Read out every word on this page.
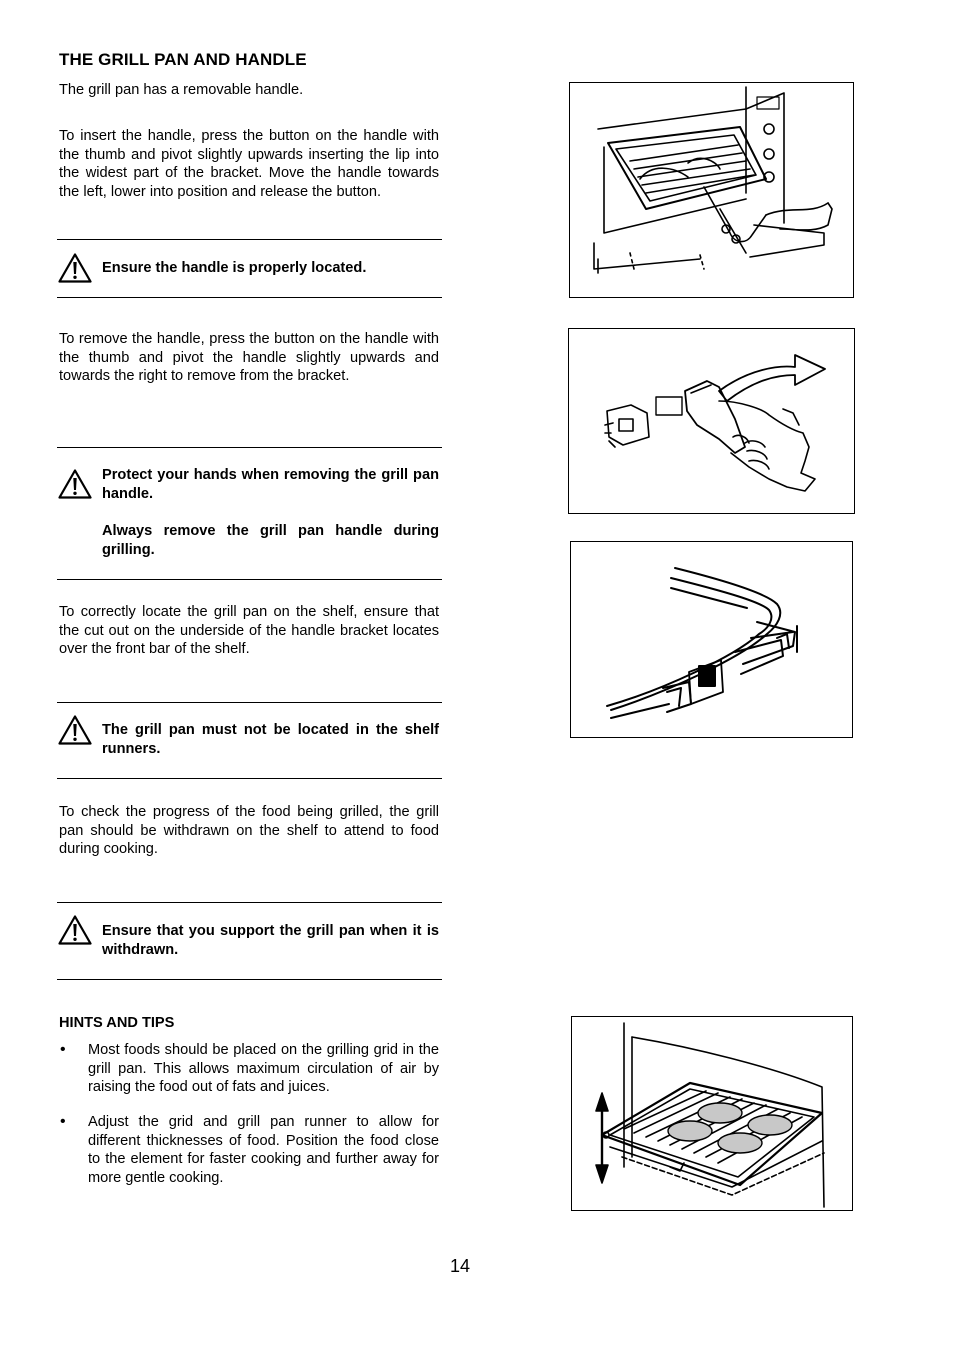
THE GRILL PAN AND HANDLE

The grill pan has a removable handle.

To insert the handle, press the button on the handle with the thumb and pivot slightly upwards inserting the lip into the widest part of the bracket. Move the handle towards the left, lower into position and release the button.

Ensure the handle is properly located.

To remove the handle, press the button on the handle with the thumb and pivot the handle slightly upwards and towards the right to remove from the bracket.

Protect your hands when removing the grill pan handle.

Always remove the grill pan handle during grilling.

To correctly locate the grill pan on the shelf, ensure that the cut out on the underside of the handle bracket locates over the front bar of the shelf.

The grill pan must not be located in the shelf runners.

To check the progress of the food being grilled, the grill pan should be withdrawn on the shelf to attend to food during cooking.

Ensure that you support the grill pan when it is withdrawn.

HINTS AND TIPS
• Most foods should be placed on the grilling grid in the grill pan. This allows maximum circulation of air by raising the food out of fats and juices.

• Adjust the grid and grill pan runner to allow for different thicknesses of food. Position the food close to the element for faster cooking and further away for more gentle cooking.

14
